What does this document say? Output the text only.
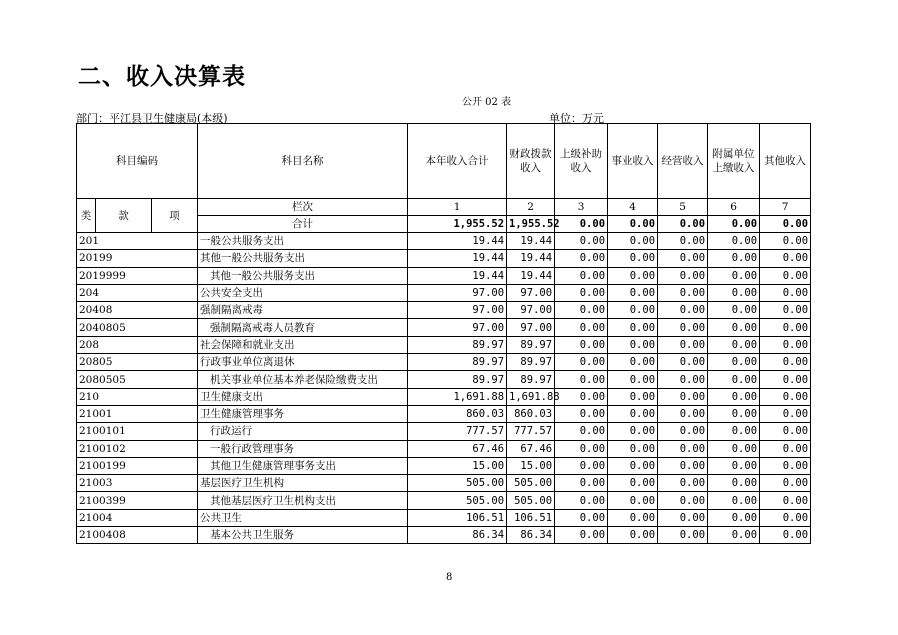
二、收入决算表
公开 02 表
部门：平江县卫生健康局(本级)	单位：万元
科目编码			科目名称	本年收入合计	财政拨款收入	上级补助收入	事业收入	经营收入	附属单位上缴收入	其他收入
类	款	项	栏次	1	2	3	4	5	6	7
			合计	1,955.52	1,955.52	0.00	0.00	0.00	0.00	0.00
201			一般公共服务支出	19.44	19.44	0.00	0.00	0.00	0.00	0.00
20199			其他一般公共服务支出	19.44	19.44	0.00	0.00	0.00	0.00	0.00
2019999			其他一般公共服务支出	19.44	19.44	0.00	0.00	0.00	0.00	0.00
204			公共安全支出	97.00	97.00	0.00	0.00	0.00	0.00	0.00
20408			强制隔离戒毒	97.00	97.00	0.00	0.00	0.00	0.00	0.00
2040805			强制隔离戒毒人员教育	97.00	97.00	0.00	0.00	0.00	0.00	0.00
208			社会保障和就业支出	89.97	89.97	0.00	0.00	0.00	0.00	0.00
20805			行政事业单位离退休	89.97	89.97	0.00	0.00	0.00	0.00	0.00
2080505			机关事业单位基本养老保险缴费支出	89.97	89.97	0.00	0.00	0.00	0.00	0.00
210			卫生健康支出	1,691.88	1,691.88	0.00	0.00	0.00	0.00	0.00
21001			卫生健康管理事务	860.03	860.03	0.00	0.00	0.00	0.00	0.00
2100101			行政运行	777.57	777.57	0.00	0.00	0.00	0.00	0.00
2100102			一般行政管理事务	67.46	67.46	0.00	0.00	0.00	0.00	0.00
2100199			其他卫生健康管理事务支出	15.00	15.00	0.00	0.00	0.00	0.00	0.00
21003			基层医疗卫生机构	505.00	505.00	0.00	0.00	0.00	0.00	0.00
2100399			其他基层医疗卫生机构支出	505.00	505.00	0.00	0.00	0.00	0.00	0.00
21004			公共卫生	106.51	106.51	0.00	0.00	0.00	0.00	0.00
2100408			基本公共卫生服务	86.34	86.34	0.00	0.00	0.00	0.00	0.00
8
